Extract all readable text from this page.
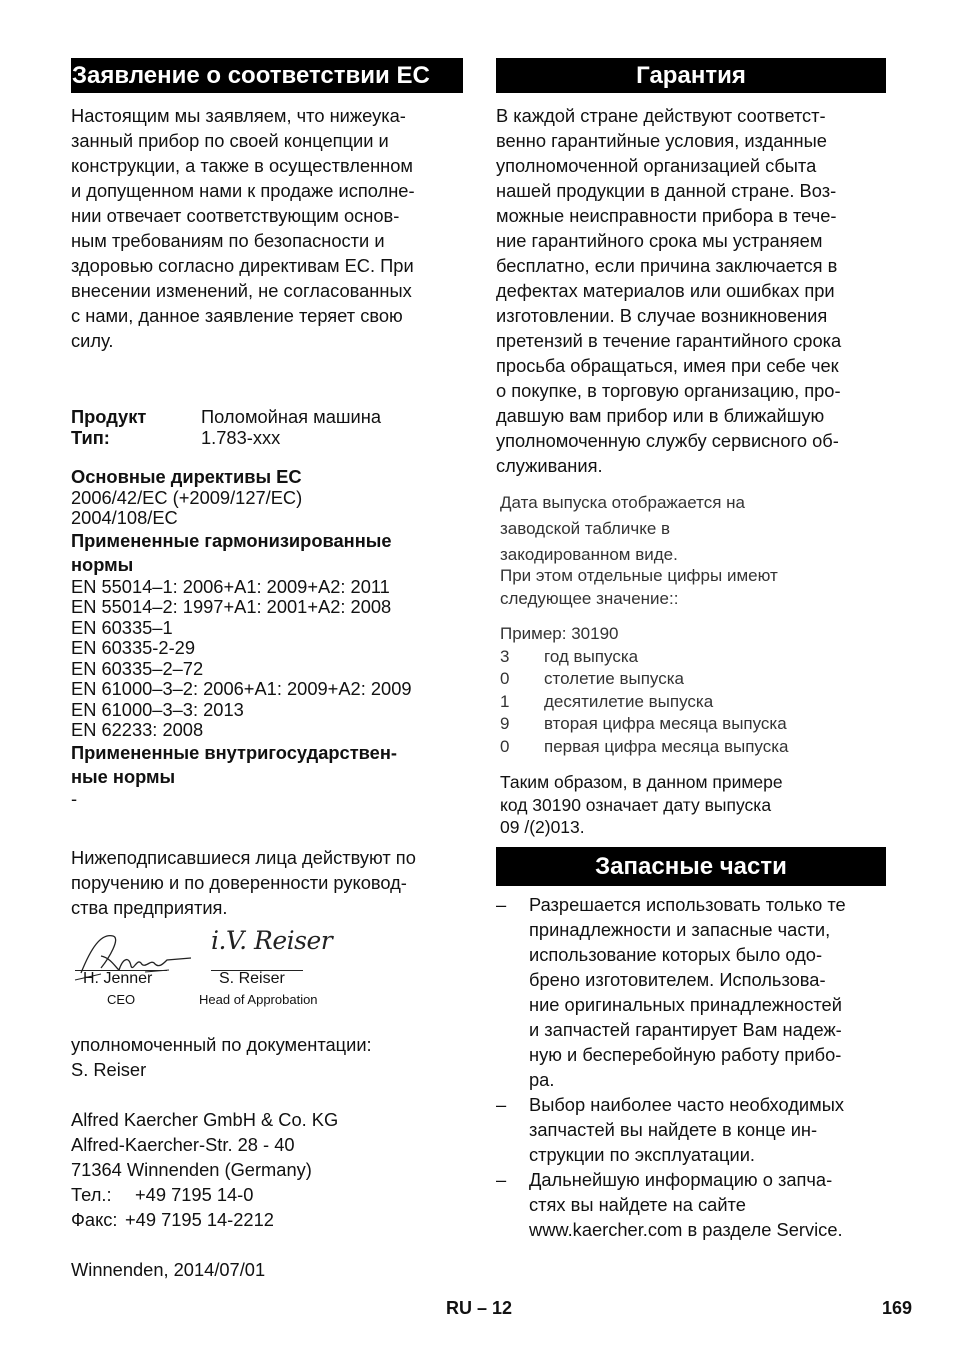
Заявление о соответствии ЕС

Настоящим мы заявляем, что нижеука-
занный прибор по своей концепции и
конструкции, а также в осуществленном
и допущенном нами к продаже исполне-
нии отвечает соответствующим основ-
ным требованиям по безопасности и
здоровью согласно директивам ЕС. При
внесении изменений, не согласованных
с нами, данное заявление теряет свою
силу.

Продукт	Поломойная машина
Тип:	1.783-xxx
Основные директивы ЕС
2006/42/EC (+2009/127/EC)
2004/108/EC
Примененные гармонизированные
нормы
EN 55014–1: 2006+A1: 2009+A2: 2011
EN 55014–2: 1997+A1: 2001+A2: 2008
EN 60335–1
EN 60335-2-29
EN 60335–2–72
EN 61000–3–2: 2006+A1: 2009+A2: 2009
EN 61000–3–3: 2013
EN 62233: 2008
Примененные внутригосударствен-
ные нормы
-

Нижеподписавшиеся лица действуют по
поручению и по доверенности руковод-
ства предприятия.

i.V. Reiser
H. Jenner
CEO
S. Reiser
Head of Approbation

уполномоченный по документации:
S. Reiser

Alfred Kaercher GmbH & Co. KG
Alfred-Kaercher-Str. 28 - 40
71364 Winnenden (Germany)
Тел.: +49 7195 14-0
Факс: +49 7195 14-2212

Winnenden, 2014/07/01

Гарантия

В каждой стране действуют соответст-
венно гарантийные условия, изданные
уполномоченной организацией сбыта
нашей продукции в данной стране. Воз-
можные неисправности прибора в тече-
ние гарантийного срока мы устраняем
бесплатно, если причина заключается в
дефектах материалов или ошибках при
изготовлении. В случае возникновения
претензий в течение гарантийного срока
просьба обращаться, имея при себе чек
о покупке, в торговую организацию, про-
давшую вам прибор или в ближайшую
уполномоченную службу сервисного об-
служивания.

Дата выпуска отображается на
заводской табличке в
закодированном виде.
При этом отдельные цифры имеют
следующее значение::
Пример: 30190
3	год выпуска
0	столетие выпуска
1	десятилетие выпуска
9	вторая цифра месяца выпуска
0	первая цифра месяца выпуска
Таким образом, в данном примере
код 30190 означает дату выпуска
09 /(2)013.
Запасные части
–	Разрешается использовать только те
принадлежности и запасные части,
использование которых было одо-
брено изготовителем. Использова-
ние оригинальных принадлежностей
и запчастей гарантирует Вам надеж-
ную и бесперебойную работу прибо-
ра.
–	Выбор наиболее часто необходимых
запчастей вы найдете в конце ин-
струкции по эксплуатации.
–	Дальнейшую информацию о запча-
стях вы найдете на сайте
www.kaercher.com в разделе Service.
RU – 12	169
